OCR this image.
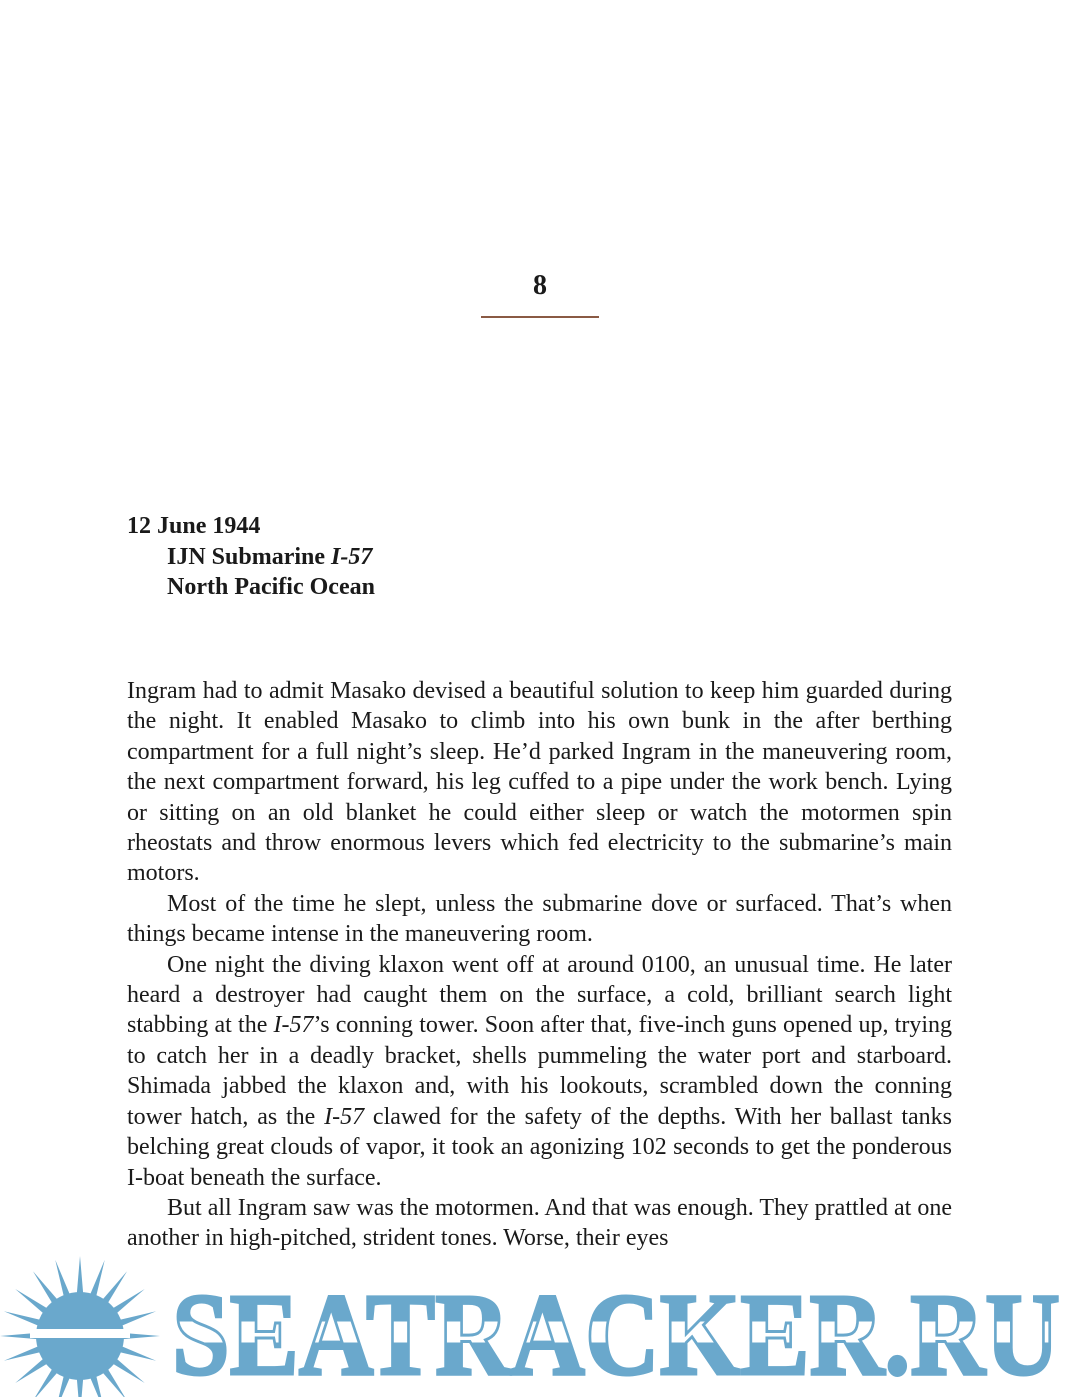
8
12 June 1944
IJN Submarine I-57
North Pacific Ocean

Ingram had to admit Masako devised a beautiful solution to keep him guarded during the night. It enabled Masako to climb into his own bunk in the after berthing compartment for a full night’s sleep. He’d parked Ingram in the maneuvering room, the next compartment forward, his leg cuffed to a pipe under the work bench. Lying or sitting on an old blanket he could either sleep or watch the motormen spin rheostats and throw enormous levers which fed electricity to the submarine’s main motors.

Most of the time he slept, unless the submarine dove or surfaced. That’s when things became intense in the maneuvering room.

One night the diving klaxon went off at around 0100, an unusual time. He later heard a destroyer had caught them on the surface, a cold, brilliant search light stabbing at the I-57’s conning tower. Soon after that, five-inch guns opened up, trying to catch her in a deadly bracket, shells pummeling the water port and starboard. Shimada jabbed the klaxon and, with his lookouts, scrambled down the conning tower hatch, as the I-57 clawed for the safety of the depths. With her ballast tanks belching great clouds of vapor, it took an agonizing 102 seconds to get the ponderous I-boat beneath the surface.

But all Ingram saw was the motormen. And that was enough. They prattled at one another in high-pitched, strident tones. Worse, their eyes

SEATRACKER.RU
